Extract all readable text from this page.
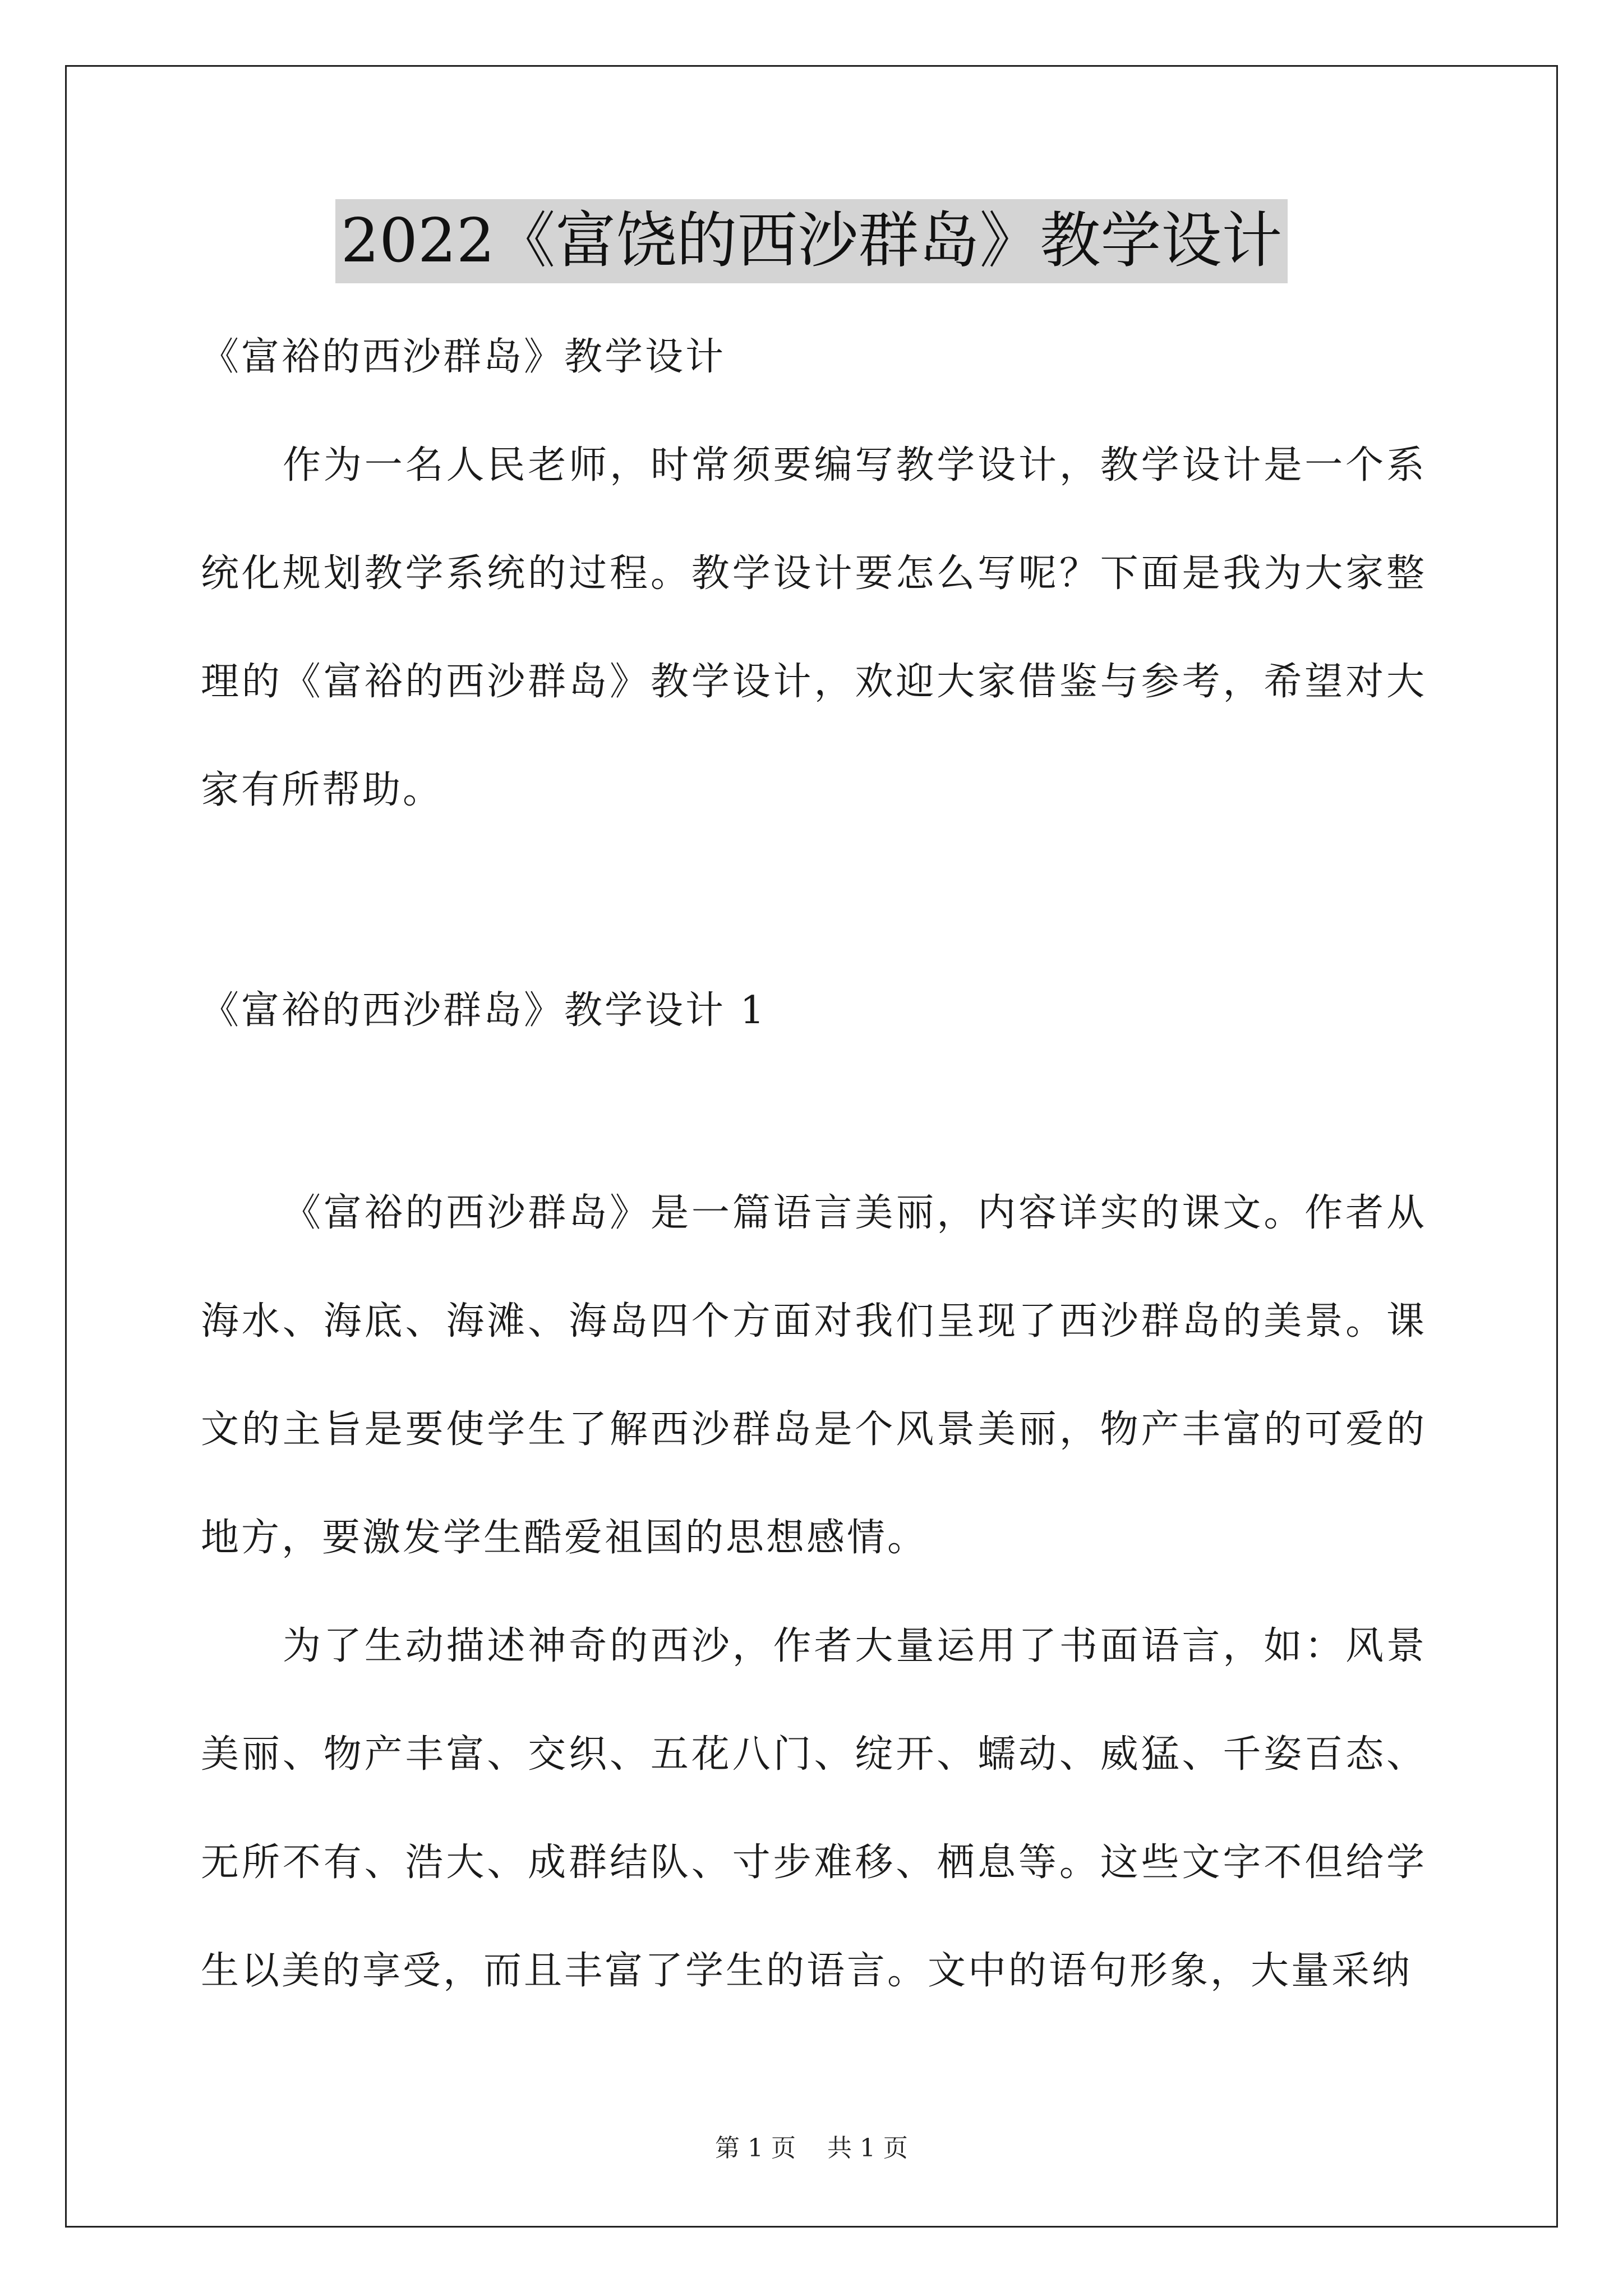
2022《富饶的西沙群岛》教学设计

《富裕的西沙群岛》教学设计

作为一名人民老师，时常须要编写教学设计，教学设计是一个系统化规划教学系统的过程。教学设计要怎么写呢？下面是我为大家整理的《富裕的西沙群岛》教学设计，欢迎大家借鉴与参考，希望对大家有所帮助。

《富裕的西沙群岛》教学设计 1

《富裕的西沙群岛》是一篇语言美丽，内容详实的课文。作者从海水、海底、海滩、海岛四个方面对我们呈现了西沙群岛的美景。课文的主旨是要使学生了解西沙群岛是个风景美丽，物产丰富的可爱的地方，要激发学生酷爱祖国的思想感情。

为了生动描述神奇的西沙，作者大量运用了书面语言，如：风景美丽、物产丰富、交织、五花八门、绽开、蠕动、威猛、千姿百态、无所不有、浩大、成群结队、寸步难移、栖息等。这些文字不但给学生以美的享受，而且丰富了学生的语言。文中的语句形象，大量采纳

第 1 页    共 1 页
